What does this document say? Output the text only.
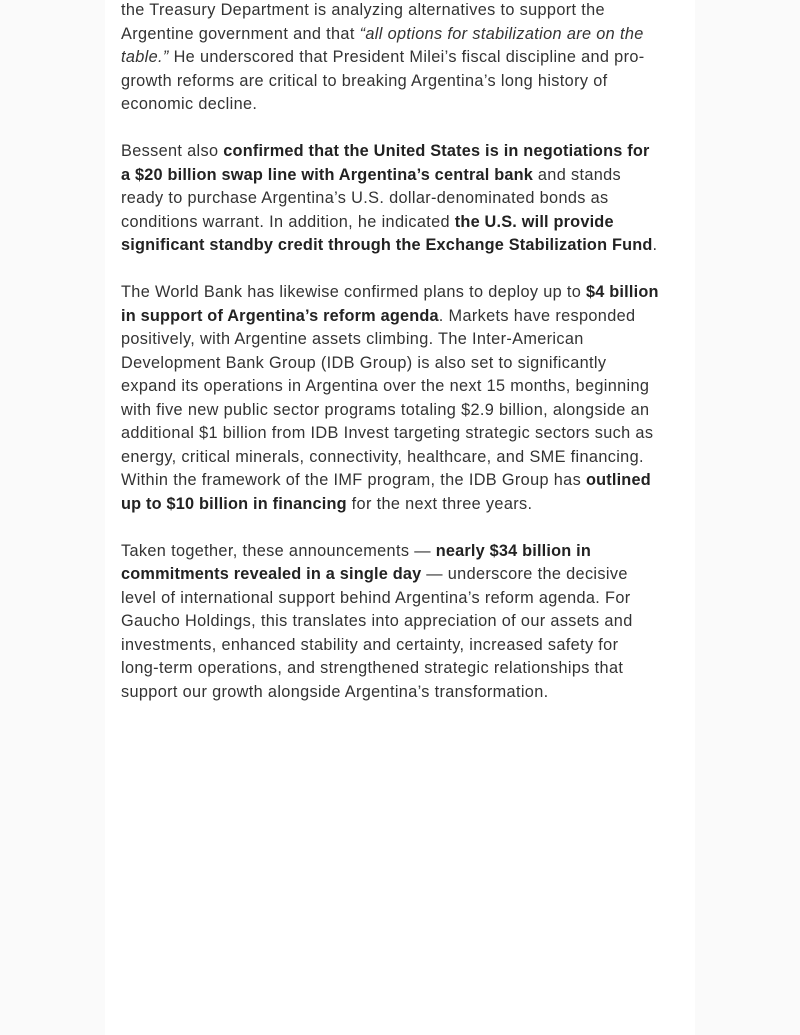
the Treasury Department is analyzing alternatives to support the
Argentine government and that “all options for stabilization are on the
table.” He underscored that President Milei’s fiscal discipline and pro-
growth reforms are critical to breaking Argentina’s long history of
economic decline.

Bessent also confirmed that the United States is in negotiations for
a $20 billion swap line with Argentina’s central bank and stands
ready to purchase Argentina’s U.S. dollar-denominated bonds as
conditions warrant. In addition, he indicated the U.S. will provide
significant standby credit through the Exchange Stabilization Fund.

The World Bank has likewise confirmed plans to deploy up to $4 billion
in support of Argentina’s reform agenda. Markets have responded
positively, with Argentine assets climbing. The Inter-American
Development Bank Group (IDB Group) is also set to significantly
expand its operations in Argentina over the next 15 months, beginning
with five new public sector programs totaling $2.9 billion, alongside an
additional $1 billion from IDB Invest targeting strategic sectors such as
energy, critical minerals, connectivity, healthcare, and SME financing.
Within the framework of the IMF program, the IDB Group has outlined
up to $10 billion in financing for the next three years.

Taken together, these announcements — nearly $34 billion in
commitments revealed in a single day — underscore the decisive
level of international support behind Argentina’s reform agenda. For
Gaucho Holdings, this translates into appreciation of our assets and
investments, enhanced stability and certainty, increased safety for
long-term operations, and strengthened strategic relationships that
support our growth alongside Argentina’s transformation.
